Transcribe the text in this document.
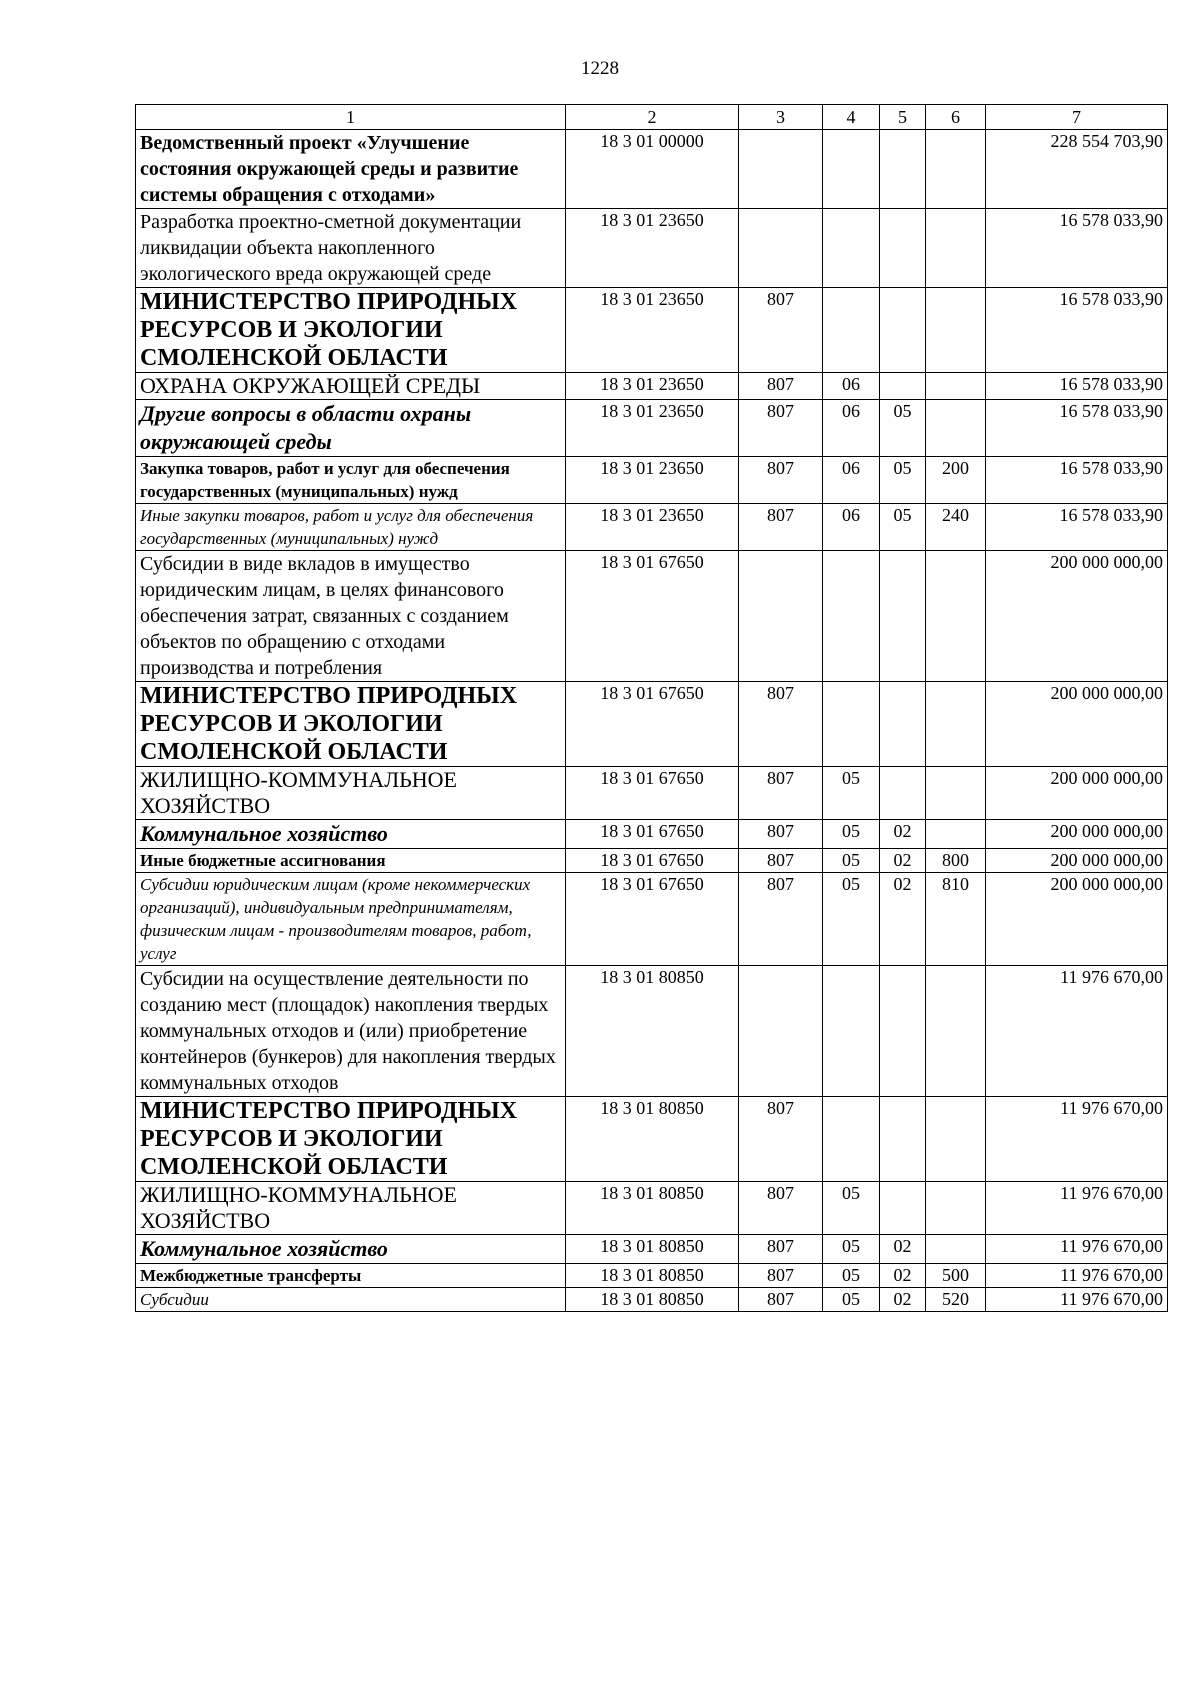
1228
1	2	3	4	5	6	7
Ведомственный проект «Улучшение состояния окружающей среды и развитие системы обращения с отходами»	18 3 01 00000					228 554 703,90
Разработка проектно-сметной документации ликвидации объекта накопленного экологического вреда окружающей среде	18 3 01 23650					16 578 033,90
МИНИСТЕРСТВО ПРИРОДНЫХ РЕСУРСОВ И ЭКОЛОГИИ СМОЛЕНСКОЙ ОБЛАСТИ	18 3 01 23650	807				16 578 033,90
ОХРАНА ОКРУЖАЮЩЕЙ СРЕДЫ	18 3 01 23650	807	06			16 578 033,90
Другие вопросы в области охраны окружающей среды	18 3 01 23650	807	06	05		16 578 033,90
Закупка товаров, работ и услуг для обеспечения государственных (муниципальных) нужд	18 3 01 23650	807	06	05	200	16 578 033,90
Иные закупки товаров, работ и услуг для обеспечения государственных (муниципальных) нужд	18 3 01 23650	807	06	05	240	16 578 033,90
Субсидии в виде вкладов в имущество юридическим лицам, в целях финансового обеспечения затрат, связанных с созданием объектов по обращению с отходами производства и потребления	18 3 01 67650					200 000 000,00
МИНИСТЕРСТВО ПРИРОДНЫХ РЕСУРСОВ И ЭКОЛОГИИ СМОЛЕНСКОЙ ОБЛАСТИ	18 3 01 67650	807				200 000 000,00
ЖИЛИЩНО-КОММУНАЛЬНОЕ ХОЗЯЙСТВО	18 3 01 67650	807	05			200 000 000,00
Коммунальное хозяйство	18 3 01 67650	807	05	02		200 000 000,00
Иные бюджетные ассигнования	18 3 01 67650	807	05	02	800	200 000 000,00
Субсидии юридическим лицам (кроме некоммерческих организаций), индивидуальным предпринимателям, физическим лицам - производителям товаров, работ, услуг	18 3 01 67650	807	05	02	810	200 000 000,00
Субсидии на осуществление деятельности по созданию мест (площадок) накопления твердых коммунальных отходов и (или) приобретение контейнеров (бункеров) для накопления твердых коммунальных отходов	18 3 01 80850					11 976 670,00
МИНИСТЕРСТВО ПРИРОДНЫХ РЕСУРСОВ И ЭКОЛОГИИ СМОЛЕНСКОЙ ОБЛАСТИ	18 3 01 80850	807				11 976 670,00
ЖИЛИЩНО-КОММУНАЛЬНОЕ ХОЗЯЙСТВО	18 3 01 80850	807	05			11 976 670,00
Коммунальное хозяйство	18 3 01 80850	807	05	02		11 976 670,00
Межбюджетные трансферты	18 3 01 80850	807	05	02	500	11 976 670,00
Субсидии	18 3 01 80850	807	05	02	520	11 976 670,00
